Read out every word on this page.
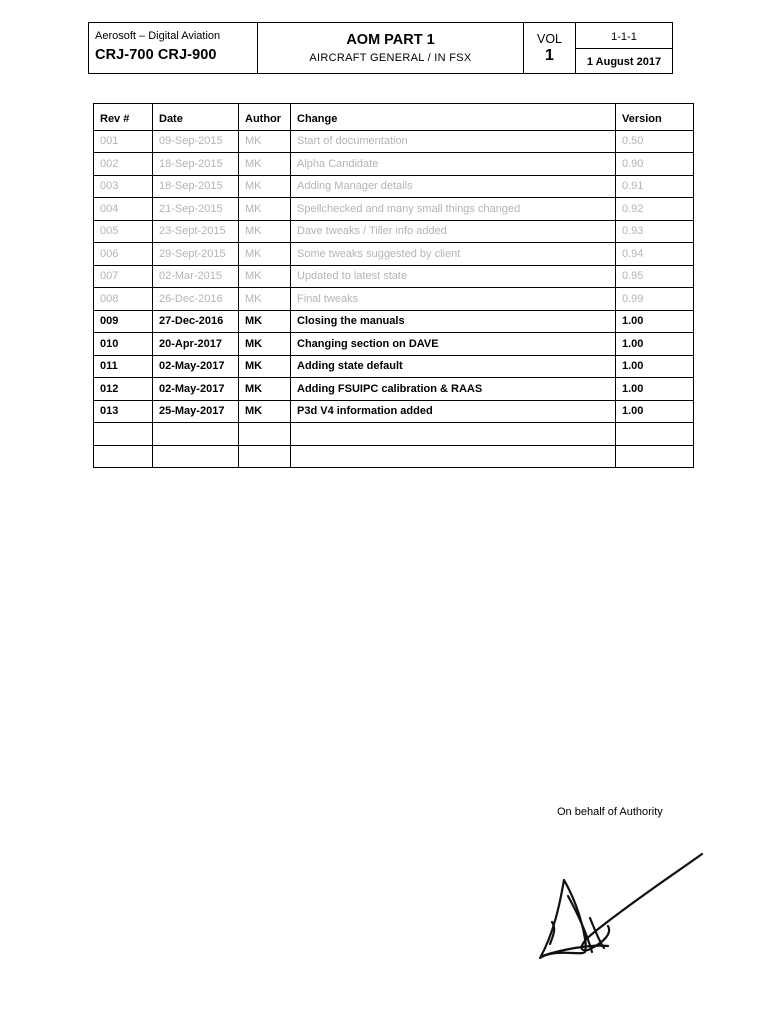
Aerosoft – Digital Aviation
CRJ-700 CRJ-900
AOM PART 1
AIRCRAFT GENERAL / IN FSX
VOL
1
1-1-1
1 August 2017
Rev #	Date	Author	Change	Version
001	09-Sep-2015	MK	Start of documentation	0.50
002	18-Sep-2015	MK	Alpha Candidate	0.90
003	18-Sep-2015	MK	Adding Manager details	0.91
004	21-Sep-2015	MK	Spellchecked and many small things changed	0.92
005	23-Sept-2015	MK	Dave tweaks / Tiller info added	0.93
006	29-Sept-2015	MK	Some tweaks suggested by client	0.94
007	02-Mar-2015	MK	Updated to latest state	0.95
008	26-Dec-2016	MK	Final tweaks	0.99
009	27-Dec-2016	MK	Closing the manuals	1.00
010	20-Apr-2017	MK	Changing section on DAVE	1.00
011	02-May-2017	MK	Adding state default	1.00
012	02-May-2017	MK	Adding FSUIPC calibration & RAAS	1.00
013	25-May-2017	MK	P3d V4 information added	1.00

On behalf of Authority
